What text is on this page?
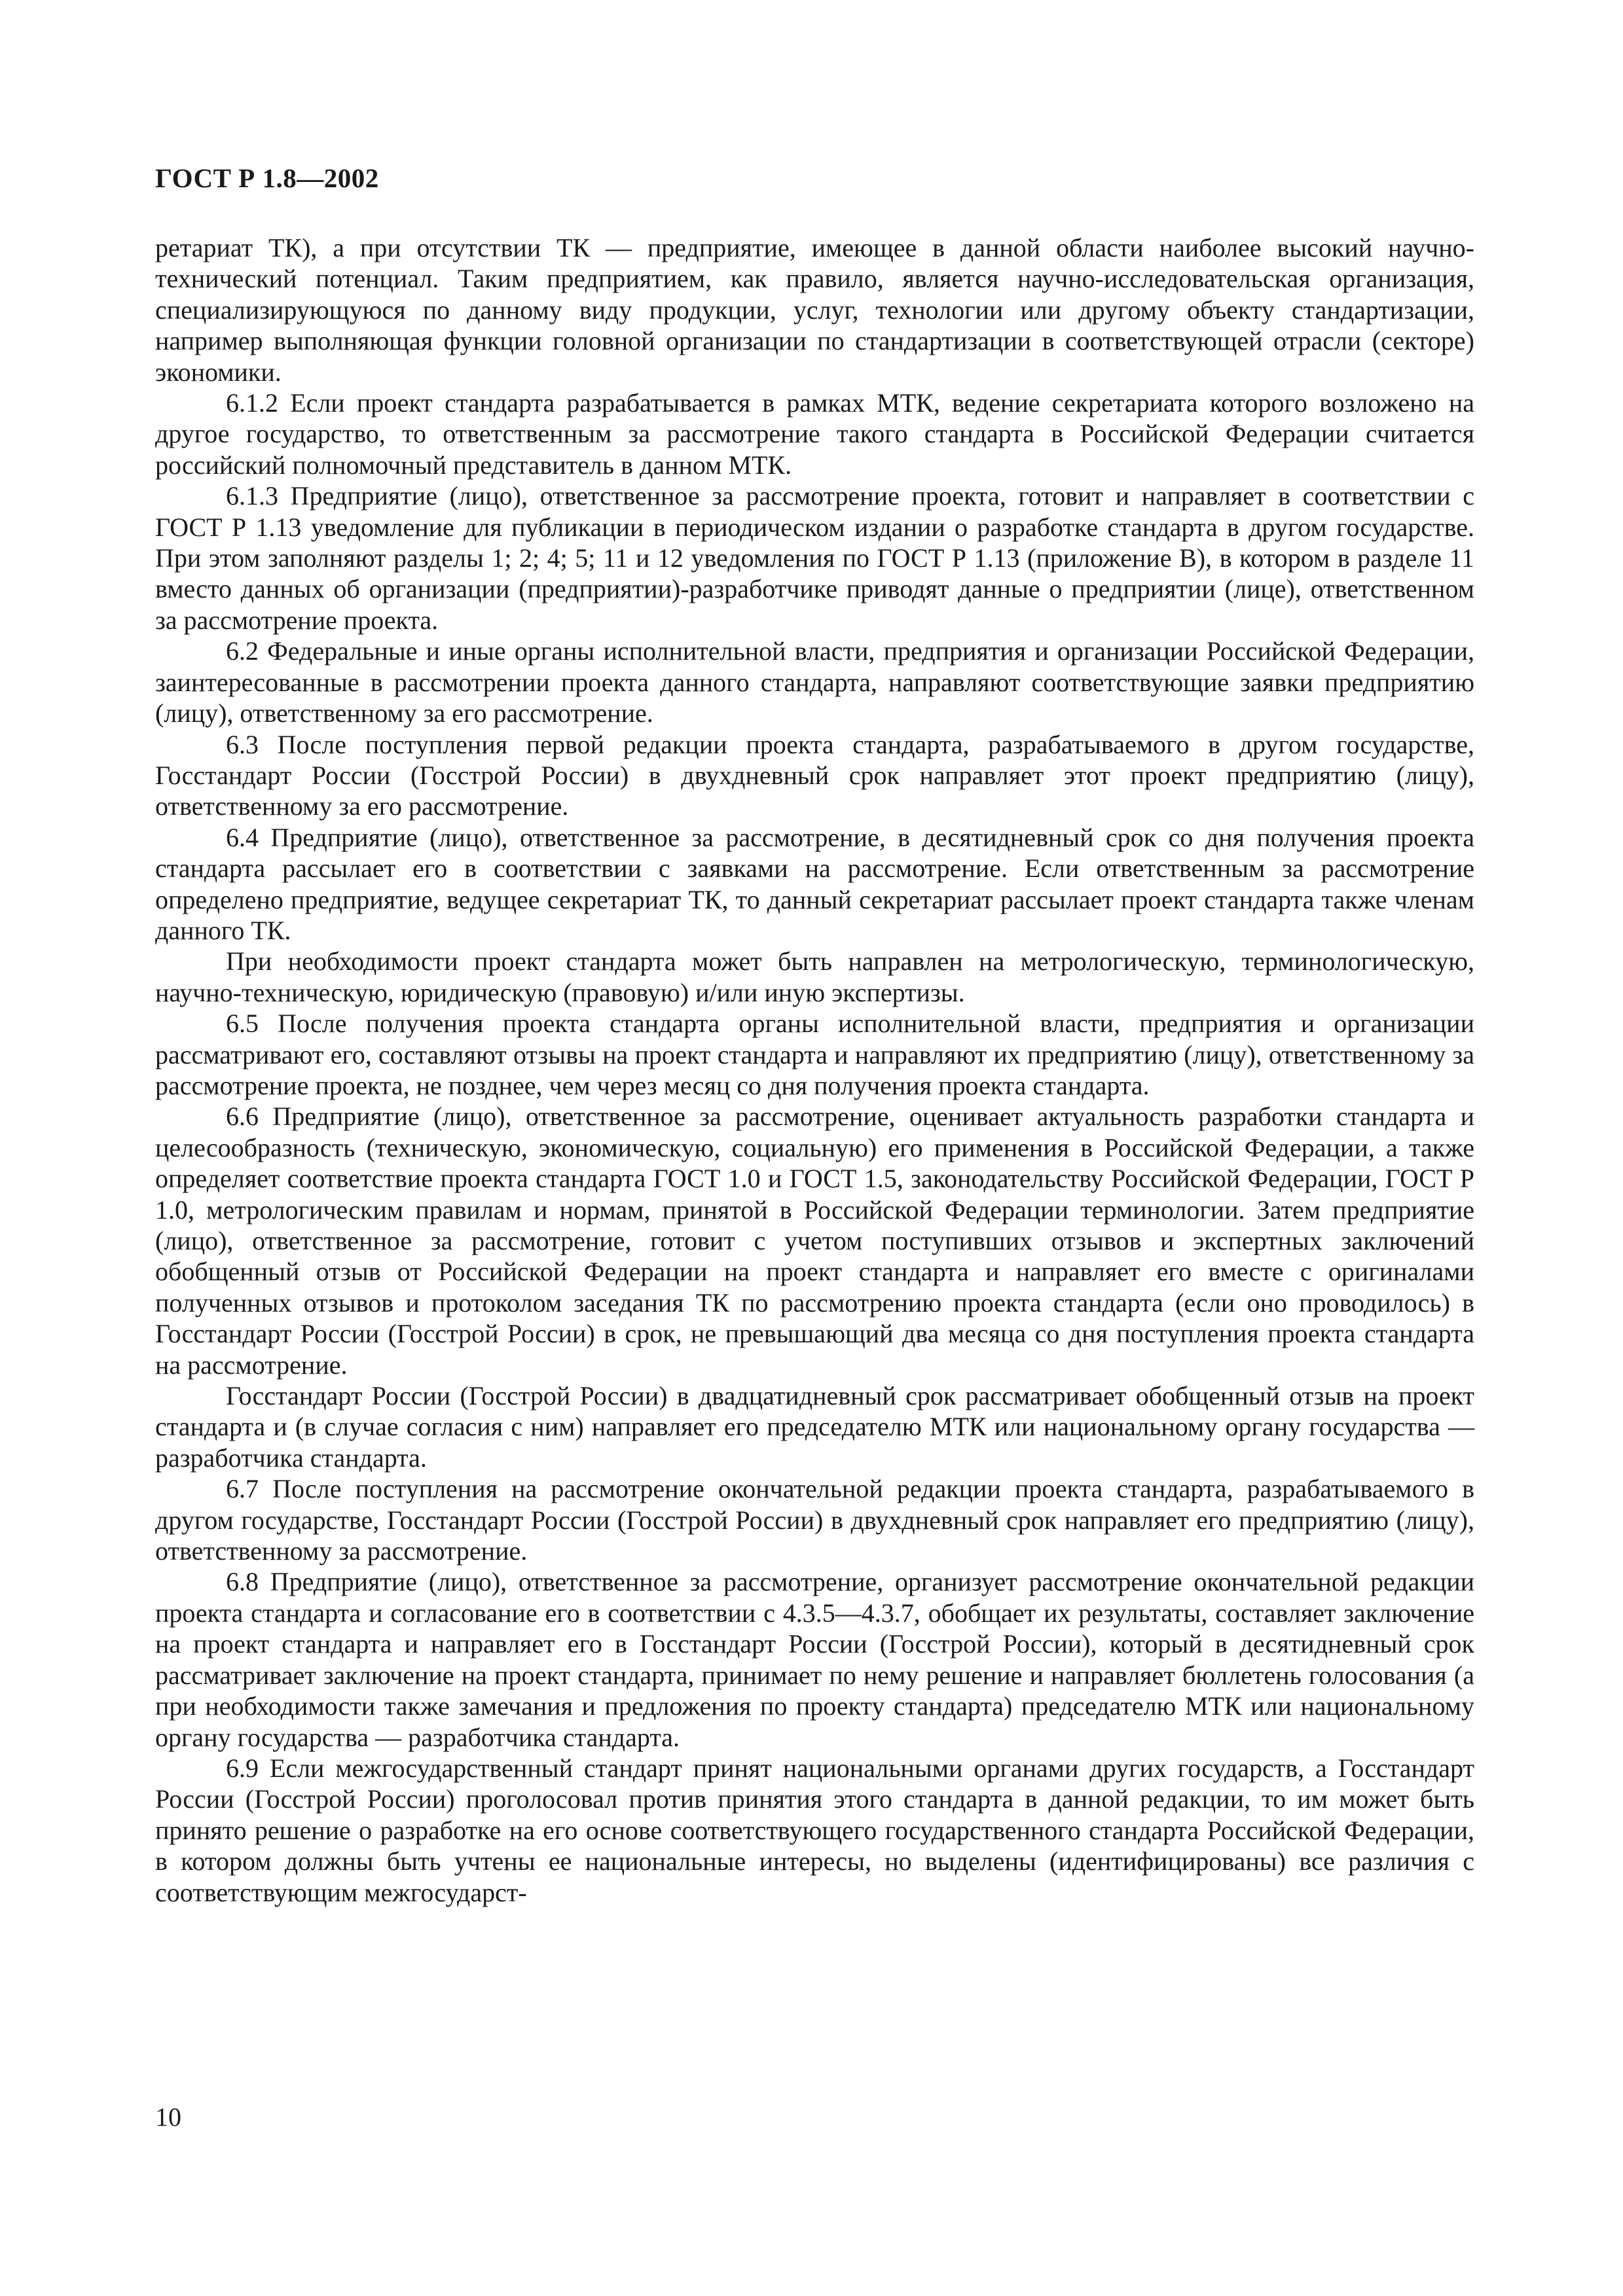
ГОСТ Р 1.8—2002

ретариат ТК), а при отсутствии ТК — предприятие, имеющее в данной области наиболее высокий научно-технический потенциал. Таким предприятием, как правило, является научно-исследовательская организация, специализирующуюся по данному виду продукции, услуг, технологии или другому объекту стандартизации, например выполняющая функции головной организации по стандартизации в соответствующей отрасли (секторе) экономики.

6.1.2 Если проект стандарта разрабатывается в рамках МТК, ведение секретариата которого возложено на другое государство, то ответственным за рассмотрение такого стандарта в Российской Федерации считается российский полномочный представитель в данном МТК.

6.1.3 Предприятие (лицо), ответственное за рассмотрение проекта, готовит и направляет в соответствии с ГОСТ Р 1.13 уведомление для публикации в периодическом издании о разработке стандарта в другом государстве. При этом заполняют разделы 1; 2; 4; 5; 11 и 12 уведомления по ГОСТ Р 1.13 (приложение В), в котором в разделе 11 вместо данных об организации (предприятии)-разработчике приводят данные о предприятии (лице), ответственном за рассмотрение проекта.

6.2 Федеральные и иные органы исполнительной власти, предприятия и организации Российской Федерации, заинтересованные в рассмотрении проекта данного стандарта, направляют соответствующие заявки предприятию (лицу), ответственному за его рассмотрение.

6.3 После поступления первой редакции проекта стандарта, разрабатываемого в другом государстве, Госстандарт России (Госстрой России) в двухдневный срок направляет этот проект предприятию (лицу), ответственному за его рассмотрение.

6.4 Предприятие (лицо), ответственное за рассмотрение, в десятидневный срок со дня получения проекта стандарта рассылает его в соответствии с заявками на рассмотрение. Если ответственным за рассмотрение определено предприятие, ведущее секретариат ТК, то данный секретариат рассылает проект стандарта также членам данного ТК.

При необходимости проект стандарта может быть направлен на метрологическую, терминологическую, научно-техническую, юридическую (правовую) и/или иную экспертизы.

6.5 После получения проекта стандарта органы исполнительной власти, предприятия и организации рассматривают его, составляют отзывы на проект стандарта и направляют их предприятию (лицу), ответственному за рассмотрение проекта, не позднее, чем через месяц со дня получения проекта стандарта.

6.6 Предприятие (лицо), ответственное за рассмотрение, оценивает актуальность разработки стандарта и целесообразность (техническую, экономическую, социальную) его применения в Российской Федерации, а также определяет соответствие проекта стандарта ГОСТ 1.0 и ГОСТ 1.5, законодательству Российской Федерации, ГОСТ Р 1.0, метрологическим правилам и нормам, принятой в Российской Федерации терминологии. Затем предприятие (лицо), ответственное за рассмотрение, готовит с учетом поступивших отзывов и экспертных заключений обобщенный отзыв от Российской Федерации на проект стандарта и направляет его вместе с оригиналами полученных отзывов и протоколом заседания ТК по рассмотрению проекта стандарта (если оно проводилось) в Госстандарт России (Госстрой России) в срок, не превышающий два месяца со дня поступления проекта стандарта на рассмотрение.

Госстандарт России (Госстрой России) в двадцатидневный срок рассматривает обобщенный отзыв на проект стандарта и (в случае согласия с ним) направляет его председателю МТК или национальному органу государства — разработчика стандарта.

6.7 После поступления на рассмотрение окончательной редакции проекта стандарта, разрабатываемого в другом государстве, Госстандарт России (Госстрой России) в двухдневный срок направляет его предприятию (лицу), ответственному за рассмотрение.

6.8 Предприятие (лицо), ответственное за рассмотрение, организует рассмотрение окончательной редакции проекта стандарта и согласование его в соответствии с 4.3.5—4.3.7, обобщает их результаты, составляет заключение на проект стандарта и направляет его в Госстандарт России (Госстрой России), который в десятидневный срок рассматривает заключение на проект стандарта, принимает по нему решение и направляет бюллетень голосования (а при необходимости также замечания и предложения по проекту стандарта) председателю МТК или национальному органу государства — разработчика стандарта.

6.9 Если межгосударственный стандарт принят национальными органами других государств, а Госстандарт России (Госстрой России) проголосовал против принятия этого стандарта в данной редакции, то им может быть принято решение о разработке на его основе соответствующего государственного стандарта Российской Федерации, в котором должны быть учтены ее национальные интересы, но выделены (идентифицированы) все различия с соответствующим межгосударст-

10
